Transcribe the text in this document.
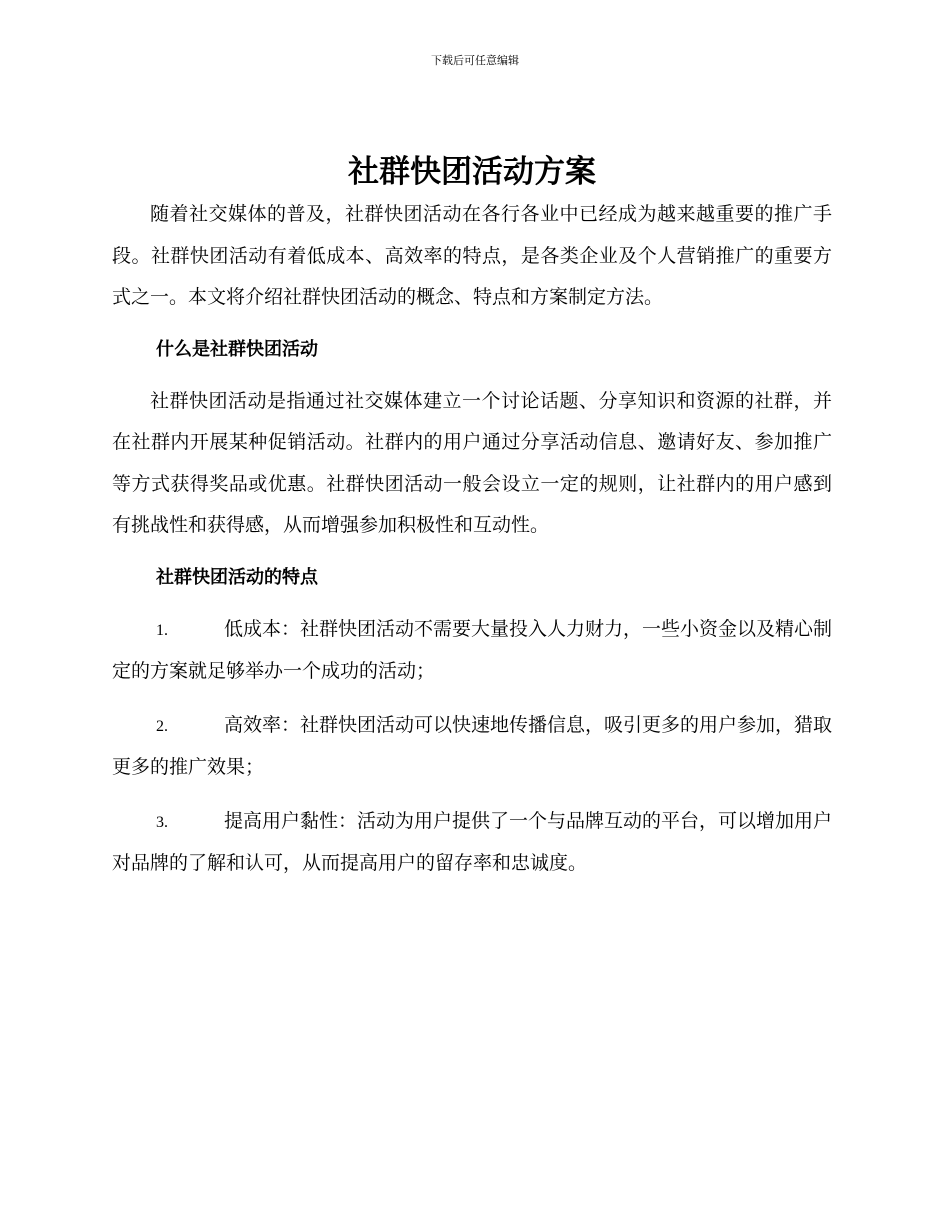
下载后可任意编辑
社群快团活动方案

随着社交媒体的普及，社群快团活动在各行各业中已经成为越来越重要的推广手段。社群快团活动有着低成本、高效率的特点，是各类企业及个人营销推广的重要方式之一。本文将介绍社群快团活动的概念、特点和方案制定方法。

什么是社群快团活动

社群快团活动是指通过社交媒体建立一个讨论话题、分享知识和资源的社群，并在社群内开展某种促销活动。社群内的用户通过分享活动信息、邀请好友、参加推广等方式获得奖品或优惠。社群快团活动一般会设立一定的规则，让社群内的用户感到有挑战性和获得感，从而增强参加积极性和互动性。

社群快团活动的特点

1.	低成本：社群快团活动不需要大量投入人力财力，一些小资金以及精心制定的方案就足够举办一个成功的活动；

2.	高效率：社群快团活动可以快速地传播信息，吸引更多的用户参加，猎取更多的推广效果；

3.	提高用户黏性：活动为用户提供了一个与品牌互动的平台，可以增加用户对品牌的了解和认可，从而提高用户的留存率和忠诚度。
